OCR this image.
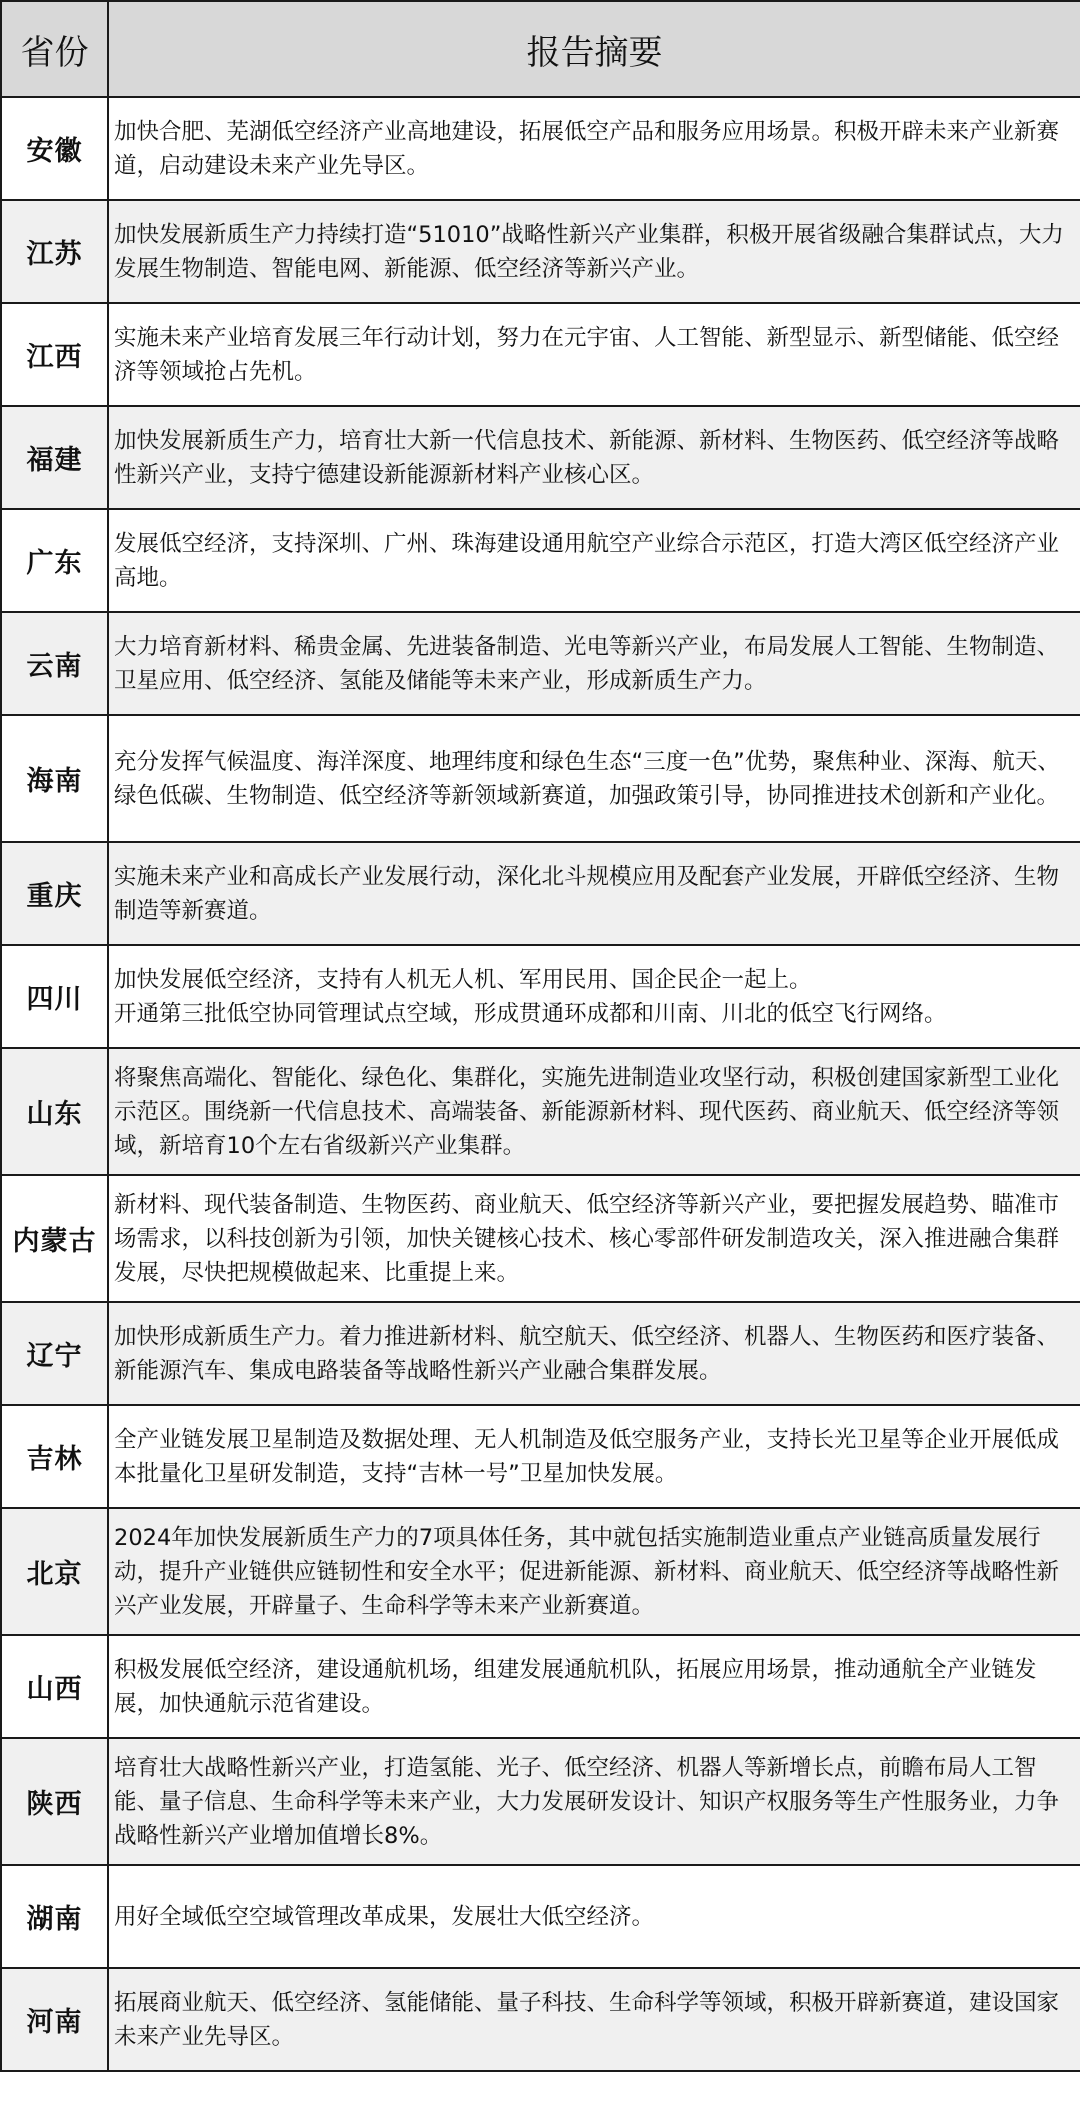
省份	报告摘要
安徽	加快合肥、芜湖低空经济产业高地建设，拓展低空产品和服务应用场景。积极开辟未来产业新赛道，启动建设未来产业先导区。
江苏	加快发展新质生产力持续打造“51010”战略性新兴产业集群，积极开展省级融合集群试点，大力发展生物制造、智能电网、新能源、低空经济等新兴产业。
江西	实施未来产业培育发展三年行动计划，努力在元宇宙、人工智能、新型显示、新型储能、低空经济等领域抢占先机。
福建	加快发展新质生产力，培育壮大新一代信息技术、新能源、新材料、生物医药、低空经济等战略性新兴产业，支持宁德建设新能源新材料产业核心区。
广东	发展低空经济，支持深圳、广州、珠海建设通用航空产业综合示范区，打造大湾区低空经济产业高地。
云南	大力培育新材料、稀贵金属、先进装备制造、光电等新兴产业，布局发展人工智能、生物制造、卫星应用、低空经济、氢能及储能等未来产业，形成新质生产力。
海南	充分发挥气候温度、海洋深度、地理纬度和绿色生态“三度一色”优势，聚焦种业、深海、航天、绿色低碳、生物制造、低空经济等新领域新赛道，加强政策引导，协同推进技术创新和产业化。
重庆	实施未来产业和高成长产业发展行动，深化北斗规模应用及配套产业发展，开辟低空经济、生物制造等新赛道。
四川	加快发展低空经济，支持有人机无人机、军用民用、国企民企一起上。
开通第三批低空协同管理试点空域，形成贯通环成都和川南、川北的低空飞行网络。

山东	将聚焦高端化、智能化、绿色化、集群化，实施先进制造业攻坚行动，积极创建国家新型工业化示范区。围绕新一代信息技术、高端装备、新能源新材料、现代医药、商业航天、低空经济等领域，新培育10个左右省级新兴产业集群。
内蒙古	新材料、现代装备制造、生物医药、商业航天、低空经济等新兴产业，要把握发展趋势、瞄准市场需求，以科技创新为引领，加快关键核心技术、核心零部件研发制造攻关，深入推进融合集群发展，尽快把规模做起来、比重提上来。
辽宁	加快形成新质生产力。着力推进新材料、航空航天、低空经济、机器人、生物医药和医疗装备、新能源汽车、集成电路装备等战略性新兴产业融合集群发展。
吉林	全产业链发展卫星制造及数据处理、无人机制造及低空服务产业，支持长光卫星等企业开展低成本批量化卫星研发制造，支持“吉林一号”卫星加快发展。
北京	2024年加快发展新质生产力的7项具体任务，其中就包括实施制造业重点产业链高质量发展行动，提升产业链供应链韧性和安全水平；促进新能源、新材料、商业航天、低空经济等战略性新兴产业发展，开辟量子、生命科学等未来产业新赛道。
山西	积极发展低空经济，建设通航机场，组建发展通航机队，拓展应用场景，推动通航全产业链发展，加快通航示范省建设。
陕西	培育壮大战略性新兴产业，打造氢能、光子、低空经济、机器人等新增长点，前瞻布局人工智能、量子信息、生命科学等未来产业，大力发展研发设计、知识产权服务等生产性服务业，力争战略性新兴产业增加值增长8%。
湖南	用好全域低空空域管理改革成果，发展壮大低空经济。
河南	拓展商业航天、低空经济、氢能储能、量子科技、生命科学等领域，积极开辟新赛道，建设国家未来产业先导区。
